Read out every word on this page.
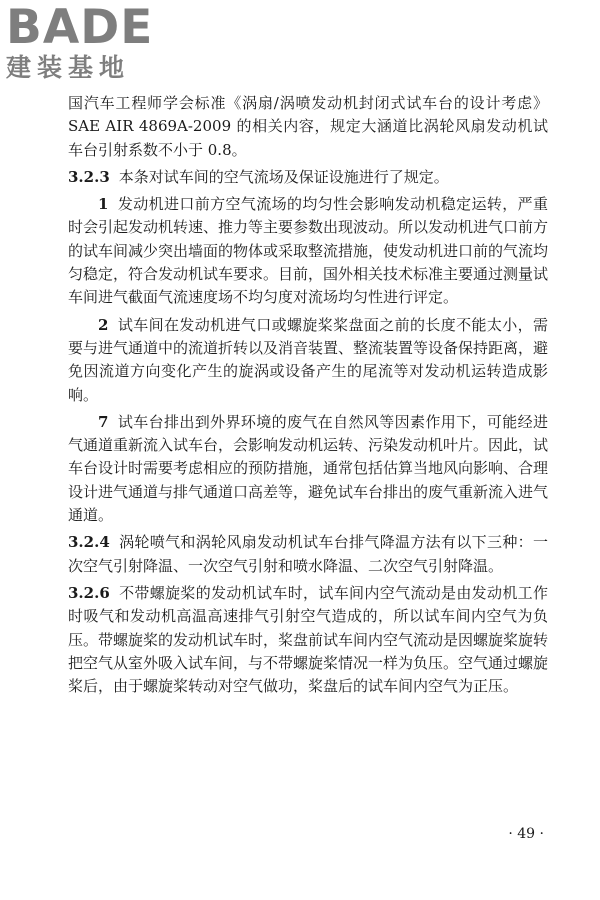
BADE
建装基地

国汽车工程师学会标准《涡扇/涡喷发动机封闭式试车台的设计考虑》SAE AIR 4869A-2009 的相关内容，规定大涵道比涡轮风扇发动机试车台引射系数不小于 0.8。

3.2.3 本条对试车间的空气流场及保证设施进行了规定。

1 发动机进口前方空气流场的均匀性会影响发动机稳定运转，严重时会引起发动机转速、推力等主要参数出现波动。所以发动机进气口前方的试车间减少突出墙面的物体或采取整流措施，使发动机进口前的气流均匀稳定，符合发动机试车要求。目前，国外相关技术标准主要通过测量试车间进气截面气流速度场不均匀度对流场均匀性进行评定。

2 试车间在发动机进气口或螺旋桨桨盘面之前的长度不能太小，需要与进气通道中的流道折转以及消音装置、整流装置等设备保持距离，避免因流道方向变化产生的旋涡或设备产生的尾流等对发动机运转造成影响。

7 试车台排出到外界环境的废气在自然风等因素作用下，可能经进气通道重新流入试车台，会影响发动机运转、污染发动机叶片。因此，试车台设计时需要考虑相应的预防措施，通常包括估算当地风向影响、合理设计进气通道与排气通道口高差等，避免试车台排出的废气重新流入进气通道。

3.2.4 涡轮喷气和涡轮风扇发动机试车台排气降温方法有以下三种：一次空气引射降温、一次空气引射和喷水降温、二次空气引射降温。

3.2.6 不带螺旋桨的发动机试车时，试车间内空气流动是由发动机工作时吸气和发动机高温高速排气引射空气造成的，所以试车间内空气为负压。带螺旋桨的发动机试车时，桨盘前试车间内空气流动是因螺旋桨旋转把空气从室外吸入试车间，与不带螺旋桨情况一样为负压。空气通过螺旋桨后，由于螺旋桨转动对空气做功，桨盘后的试车间内空气为正压。

· 49 ·
